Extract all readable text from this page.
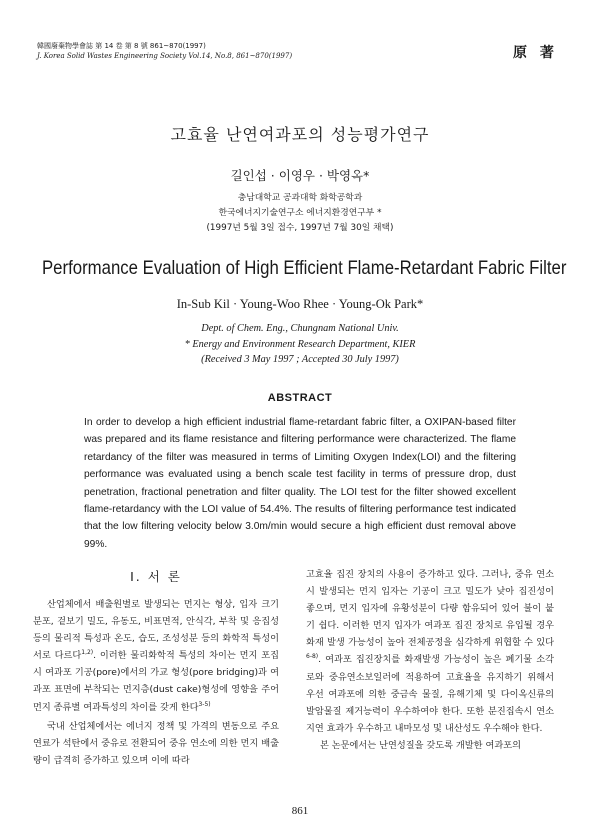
韓國廢棄物學會誌 第 14 卷 第 8 號 861~870(1997)
J. Korea Solid Wastes Engineering Society Vol.14, No.8, 861~870(1997)	原 著
고효율 난연여과포의 성능평가연구
길인섭 · 이영우 · 박영옥*
충남대학교 공과대학 화학공학과
한국에너지기술연구소 에너지환경연구부 *
(1997년 5월 3일 접수, 1997년 7월 30일 채택)
Performance Evaluation of High Efficient Flame-Retardant Fabric Filter
In-Sub Kil · Young-Woo Rhee · Young-Ok Park*
Dept. of Chem. Eng., Chungnam National Univ.
* Energy and Environment Research Department, KIER
(Received 3 May 1997 ; Accepted 30 July 1997)
ABSTRACT
In order to develop a high efficient industrial flame-retardant fabric filter, a OXIPAN-based filter was prepared and its flame resistance and filtering performance were characterized. The flame retardancy of the filter was measured in terms of Limiting Oxygen Index(LOI) and the filtering performance was evaluated using a bench scale test facility in terms of pressure drop, dust penetration, fractional penetration and filter quality. The LOI test for the filter showed excellent flame-retardancy with the LOI value of 54.4%. The results of filtering performance test indicated that the low filtering velocity below 3.0m/min would secure a high efficient dust removal above 99%.
Ⅰ. 서 론

산업체에서 배출원별로 발생되는 먼지는 형상, 입자 크기분포, 겉보기 밀도, 유동도, 비표면적, 안식각, 부착 및 응집성 등의 물리적 특성과 온도, 습도, 조성성분 등의 화학적 특성이 서로 다르다$^{1,2)}$. 이러한 물리화학적 특성의 차이는 먼지 포집시 여과포 기공(pore)에서의 가교 형성(pore bridging)과 여과포 표면에 부착되는 먼지층(dust cake)형성에 영향을 주어 먼지 종류별 여과특성의 차이를 갖게 한다$^{3-5)}$

국내 산업체에서는 에너지 정책 및 가격의 변동으로 주요 연료가 석탄에서 중유로 전환되어 중유 연소에 의한 먼지 배출량이 급격히 증가하고 있으며 이에 따라

고효율 집진 장치의 사용이 증가하고 있다. 그러나, 중유 연소시 발생되는 먼지 입자는 기공이 크고 밀도가 낮아 집진성이 좋으며, 먼지 입자에 유황성분이 다량 함유되어 있어 불이 붙기 쉽다. 이러한 먼지 입자가 여과포 집진 장치로 유입될 경우 화재 발생 가능성이 높아 전체공정을 심각하게 위협할 수 있다$^{6-8)}$. 여과포 집진장치를 화재발생 가능성이 높은 폐기물 소각로와 중유연소보일러에 적용하여 고효율을 유지하기 위해서 우선 여과포에 의한 중금속 물질, 유해기체 및 다이옥신류의 발암물질 제거능력이 우수하여야 한다. 또한 분진집속시 연소지연 효과가 우수하고 내마모성 및 내산성도 우수해야 한다.

본 논문에서는 난연성질을 갖도록 개발한 여과포의

861
